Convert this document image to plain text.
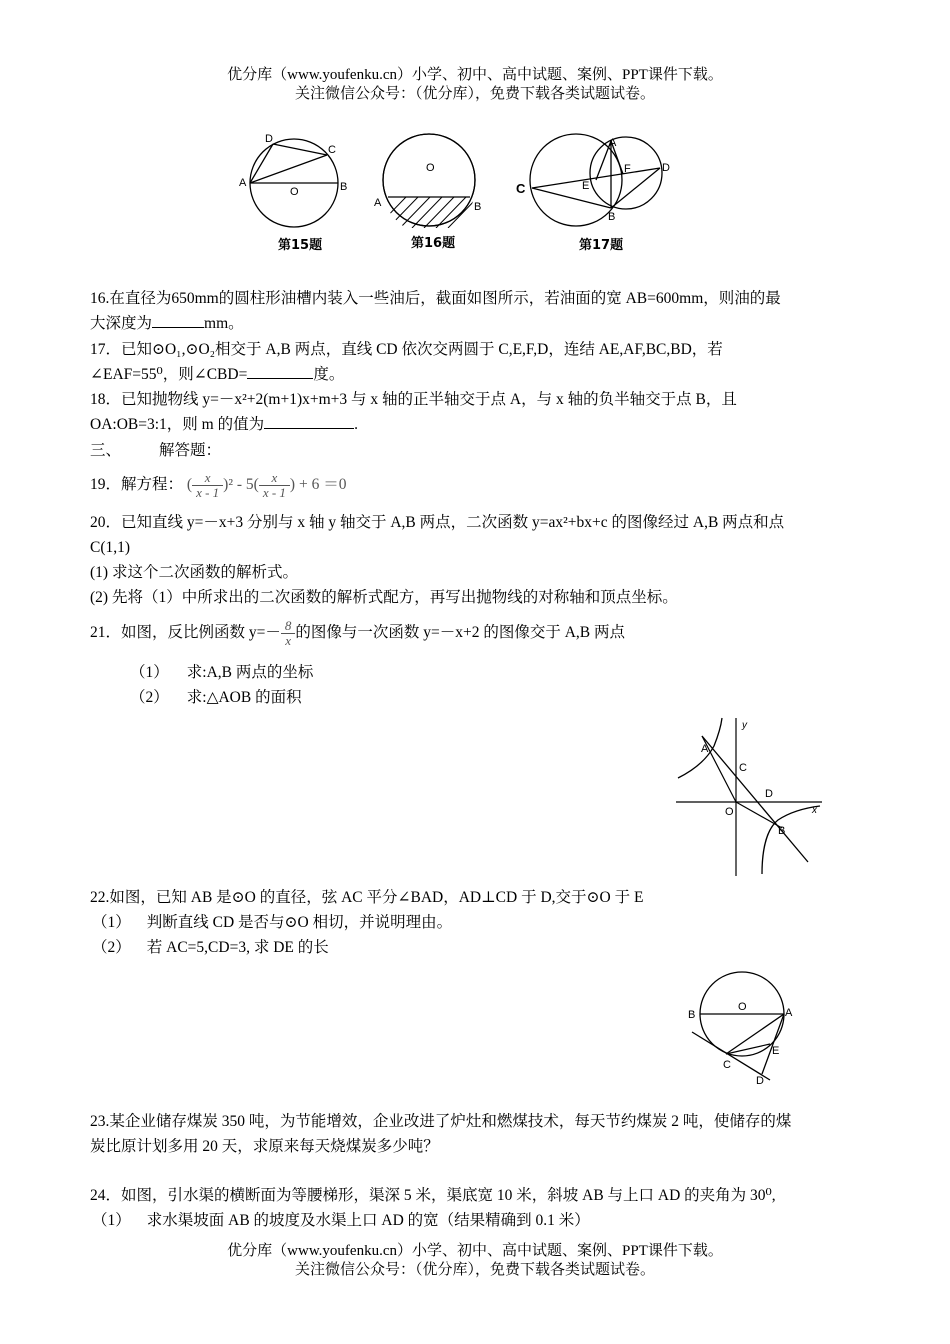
优分库（www.youfenku.cn）小学、初中、高中试题、案例、PPT课件下载。
关注微信公众号：（优分库），免费下载各类试题试卷。
A	B
C
D
O
第15题
O
A	B
第16题
C
A
B
D
E
F
第17题
16.在直径为650mm的圆柱形油槽内装入一些油后，截面如图所示，若油面的宽 AB=600mm，则油的最
大深度为	mm。
17．已知⊙O₁,⊙O₂相交于 A,B 两点，直线 CD 依次交两圆于 C,E,F,D，连结 AE,AF,BC,BD，若
∠EAF=55⁰，则∠CBD=	度。
18．已知抛物线 y=－x²+2(m+1)x+m+3 与 x 轴的正半轴交于点 A，与 x 轴的负半轴交于点 B，且
OA:OB=3:1，则 m 的值为	.
三、 解答题：
19．解方程： ( $\frac{x}{x - 1} )^2 - 5( \frac{x}{x - 1}$ ) + 6 ＝0
20．已知直线 y=－x+3 分别与 x 轴 y 轴交于 A,B 两点，二次函数 y=ax²+bx+c 的图像经过 A,B 两点和点
C(1,1)
(1) 求这个二次函数的解析式。
(2) 先将（1）中所求出的二次函数的解析式配方，再写出抛物线的对称轴和顶点坐标。
21．如图，反比例函数 $y=- \frac{8}{x}$ 的图像与一次函数 y=－x+2 的图像交于 A,B 两点
（1） 求:A,B 两点的坐标
（2） 求:△AOB 的面积
A
B
C
D
O	x
y
22.如图，已知 AB 是⊙O 的直径，弦 AC 平分∠BAD，AD⊥CD 于 D,交于⊙O 于 E
（1） 判断直线 CD 是否与⊙O 相切，并说明理由。
（2） 若 AC=5,CD=3, 求 DE 的长
B	A
O
C
E
D
23.某企业储存煤炭 350 吨，为节能增效，企业改进了炉灶和燃煤技术，每天节约煤炭 2 吨，使储存的煤
炭比原计划多用 20 天，求原来每天烧煤炭多少吨？
24．如图，引水渠的横断面为等腰梯形，渠深 5 米，渠底宽 10 米，斜坡 AB 与上口 AD 的夹角为 30⁰,
（1） 求水渠坡面 AB 的坡度及水渠上口 AD 的宽（结果精确到 0.1 米）
优分库（www.youfenku.cn）小学、初中、高中试题、案例、PPT课件下载。
关注微信公众号：（优分库），免费下载各类试题试卷。
